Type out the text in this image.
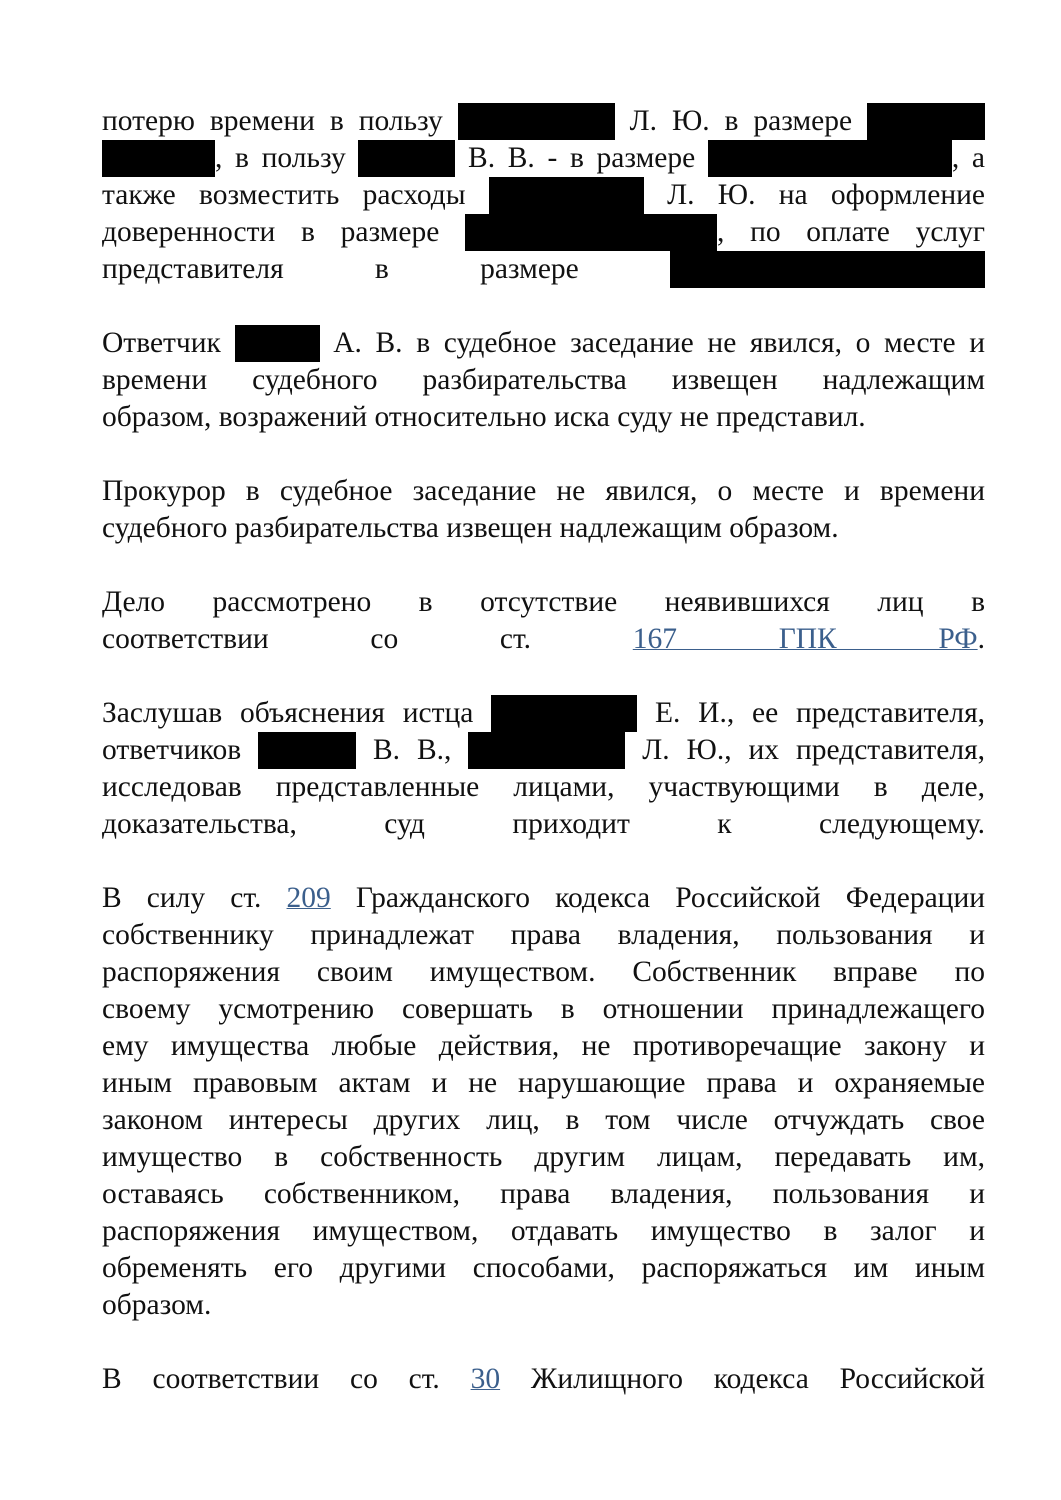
потерю времени в пользу	Л. Ю. в размере
, в пользу	В. В. - в размере	, а
также возместить расходы	Л. Ю. на оформление
доверенности в размере	, по оплате услуг
представителя в размере
Ответчик	А. В. в судебное заседание не явился, о месте и
времени судебного разбирательства извещен надлежащим
образом, возражений относительно иска суду не представил.
Прокурор в судебное заседание не явился, о месте и времени
судебного разбирательства извещен надлежащим образом.
Дело рассмотрено в отсутствие неявившихся лиц в
соответствии со ст.	167 ГПК РФ.
Заслушав объяснения истца	Е. И., ее представителя,
ответчиков	В. В.,	Л. Ю., их представителя,
исследовав представленные лицами, участвующими в деле,
доказательства, суд приходит к следующему.
В силу ст. 209 Гражданского кодекса Российской Федерации
собственнику принадлежат права владения, пользования и
распоряжения своим имуществом. Собственник вправе по
своему усмотрению совершать в отношении принадлежащего
ему имущества любые действия, не противоречащие закону и
иным правовым актам и не нарушающие права и охраняемые
законом интересы других лиц, в том числе отчуждать свое
имущество в собственность другим лицам, передавать им,
оставаясь собственником, права владения, пользования и
распоряжения имуществом, отдавать имущество в залог и
обременять его другими способами, распоряжаться им иным
образом.
В соответствии со ст. 30 Жилищного кодекса Российской
